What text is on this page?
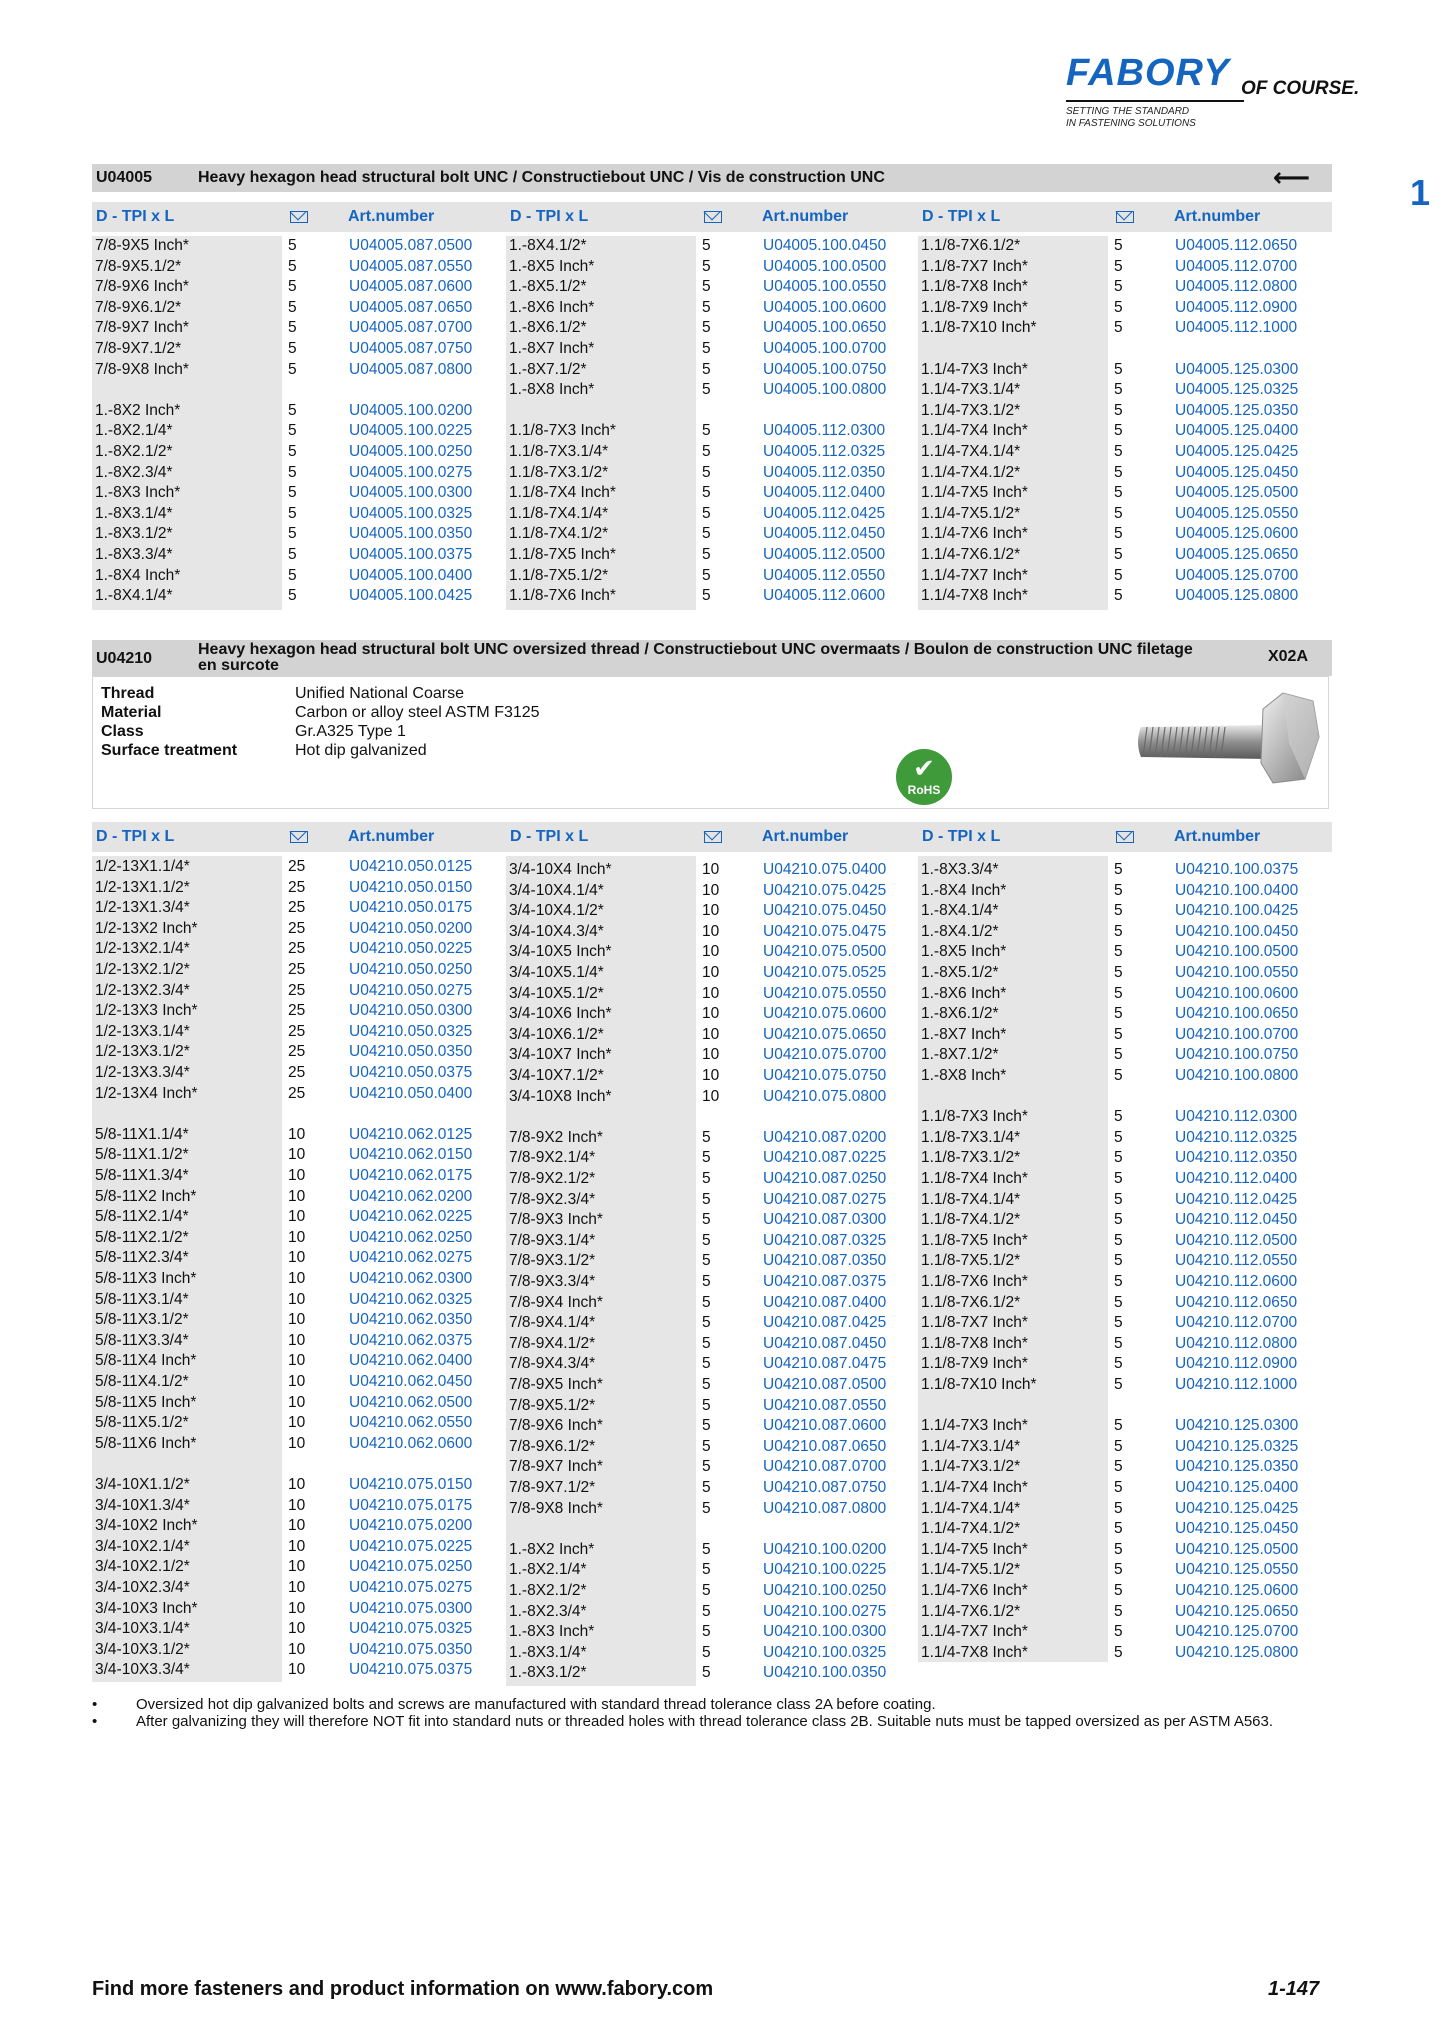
FABORY OF COURSE.
SETTING THE STANDARD
IN FASTENING SOLUTIONS
1
U04005	Heavy hexagon head structural bolt UNC / Constructiebout UNC / Vis de construction UNC	⟵
D - TPI x L	Art.number	D - TPI x L	Art.number	D - TPI x L	Art.number
7/8-9X5 Inch*	5	U04005.087.0500
7/8-9X5.1/2*	5	U04005.087.0550
7/8-9X6 Inch*	5	U04005.087.0600
7/8-9X6.1/2*	5	U04005.087.0650
7/8-9X7 Inch*	5	U04005.087.0700
7/8-9X7.1/2*	5	U04005.087.0750
7/8-9X8 Inch*	5	U04005.087.0800
1.-8X2 Inch*	5	U04005.100.0200
1.-8X2.1/4*	5	U04005.100.0225
1.-8X2.1/2*	5	U04005.100.0250
1.-8X2.3/4*	5	U04005.100.0275
1.-8X3 Inch*	5	U04005.100.0300
1.-8X3.1/4*	5	U04005.100.0325
1.-8X3.1/2*	5	U04005.100.0350
1.-8X3.3/4*	5	U04005.100.0375
1.-8X4 Inch*	5	U04005.100.0400
1.-8X4.1/4*	5	U04005.100.0425
1.-8X4.1/2*	5	U04005.100.0450
1.-8X5 Inch*	5	U04005.100.0500
1.-8X5.1/2*	5	U04005.100.0550
1.-8X6 Inch*	5	U04005.100.0600
1.-8X6.1/2*	5	U04005.100.0650
1.-8X7 Inch*	5	U04005.100.0700
1.-8X7.1/2*	5	U04005.100.0750
1.-8X8 Inch*	5	U04005.100.0800
1.1/8-7X3 Inch*	5	U04005.112.0300
1.1/8-7X3.1/4*	5	U04005.112.0325
1.1/8-7X3.1/2*	5	U04005.112.0350
1.1/8-7X4 Inch*	5	U04005.112.0400
1.1/8-7X4.1/4*	5	U04005.112.0425
1.1/8-7X4.1/2*	5	U04005.112.0450
1.1/8-7X5 Inch*	5	U04005.112.0500
1.1/8-7X5.1/2*	5	U04005.112.0550
1.1/8-7X6 Inch*	5	U04005.112.0600
1.1/8-7X6.1/2*	5	U04005.112.0650
1.1/8-7X7 Inch*	5	U04005.112.0700
1.1/8-7X8 Inch*	5	U04005.112.0800
1.1/8-7X9 Inch*	5	U04005.112.0900
1.1/8-7X10 Inch*	5	U04005.112.1000
1.1/4-7X3 Inch*	5	U04005.125.0300
1.1/4-7X3.1/4*	5	U04005.125.0325
1.1/4-7X3.1/2*	5	U04005.125.0350
1.1/4-7X4 Inch*	5	U04005.125.0400
1.1/4-7X4.1/4*	5	U04005.125.0425
1.1/4-7X4.1/2*	5	U04005.125.0450
1.1/4-7X5 Inch*	5	U04005.125.0500
1.1/4-7X5.1/2*	5	U04005.125.0550
1.1/4-7X6 Inch*	5	U04005.125.0600
1.1/4-7X6.1/2*	5	U04005.125.0650
1.1/4-7X7 Inch*	5	U04005.125.0700
1.1/4-7X8 Inch*	5	U04005.125.0800
U04210
Heavy hexagon head structural bolt UNC oversized thread / Constructiebout UNC overmaats / Boulon de construction UNC filetage
en surcote
X02A
Thread	Unified National Coarse
Material	Carbon or alloy steel ASTM F3125
Class	Gr.A325 Type 1
Surface treatment	Hot dip galvanized
✔
RoHS
D - TPI x L	Art.number	D - TPI x L	Art.number	D - TPI x L	Art.number
1/2-13X1.1/4*	25	U04210.050.0125
1/2-13X1.1/2*	25	U04210.050.0150
1/2-13X1.3/4*	25	U04210.050.0175
1/2-13X2 Inch*	25	U04210.050.0200
1/2-13X2.1/4*	25	U04210.050.0225
1/2-13X2.1/2*	25	U04210.050.0250
1/2-13X2.3/4*	25	U04210.050.0275
1/2-13X3 Inch*	25	U04210.050.0300
1/2-13X3.1/4*	25	U04210.050.0325
1/2-13X3.1/2*	25	U04210.050.0350
1/2-13X3.3/4*	25	U04210.050.0375
1/2-13X4 Inch*	25	U04210.050.0400
5/8-11X1.1/4*	10	U04210.062.0125
5/8-11X1.1/2*	10	U04210.062.0150
5/8-11X1.3/4*	10	U04210.062.0175
5/8-11X2 Inch*	10	U04210.062.0200
5/8-11X2.1/4*	10	U04210.062.0225
5/8-11X2.1/2*	10	U04210.062.0250
5/8-11X2.3/4*	10	U04210.062.0275
5/8-11X3 Inch*	10	U04210.062.0300
5/8-11X3.1/4*	10	U04210.062.0325
5/8-11X3.1/2*	10	U04210.062.0350
5/8-11X3.3/4*	10	U04210.062.0375
5/8-11X4 Inch*	10	U04210.062.0400
5/8-11X4.1/2*	10	U04210.062.0450
5/8-11X5 Inch*	10	U04210.062.0500
5/8-11X5.1/2*	10	U04210.062.0550
5/8-11X6 Inch*	10	U04210.062.0600
3/4-10X1.1/2*	10	U04210.075.0150
3/4-10X1.3/4*	10	U04210.075.0175
3/4-10X2 Inch*	10	U04210.075.0200
3/4-10X2.1/4*	10	U04210.075.0225
3/4-10X2.1/2*	10	U04210.075.0250
3/4-10X2.3/4*	10	U04210.075.0275
3/4-10X3 Inch*	10	U04210.075.0300
3/4-10X3.1/4*	10	U04210.075.0325
3/4-10X3.1/2*	10	U04210.075.0350
3/4-10X3.3/4*	10	U04210.075.0375
3/4-10X4 Inch*	10	U04210.075.0400
3/4-10X4.1/4*	10	U04210.075.0425
3/4-10X4.1/2*	10	U04210.075.0450
3/4-10X4.3/4*	10	U04210.075.0475
3/4-10X5 Inch*	10	U04210.075.0500
3/4-10X5.1/4*	10	U04210.075.0525
3/4-10X5.1/2*	10	U04210.075.0550
3/4-10X6 Inch*	10	U04210.075.0600
3/4-10X6.1/2*	10	U04210.075.0650
3/4-10X7 Inch*	10	U04210.075.0700
3/4-10X7.1/2*	10	U04210.075.0750
3/4-10X8 Inch*	10	U04210.075.0800
7/8-9X2 Inch*	5	U04210.087.0200
7/8-9X2.1/4*	5	U04210.087.0225
7/8-9X2.1/2*	5	U04210.087.0250
7/8-9X2.3/4*	5	U04210.087.0275
7/8-9X3 Inch*	5	U04210.087.0300
7/8-9X3.1/4*	5	U04210.087.0325
7/8-9X3.1/2*	5	U04210.087.0350
7/8-9X3.3/4*	5	U04210.087.0375
7/8-9X4 Inch*	5	U04210.087.0400
7/8-9X4.1/4*	5	U04210.087.0425
7/8-9X4.1/2*	5	U04210.087.0450
7/8-9X4.3/4*	5	U04210.087.0475
7/8-9X5 Inch*	5	U04210.087.0500
7/8-9X5.1/2*	5	U04210.087.0550
7/8-9X6 Inch*	5	U04210.087.0600
7/8-9X6.1/2*	5	U04210.087.0650
7/8-9X7 Inch*	5	U04210.087.0700
7/8-9X7.1/2*	5	U04210.087.0750
7/8-9X8 Inch*	5	U04210.087.0800
1.-8X2 Inch*	5	U04210.100.0200
1.-8X2.1/4*	5	U04210.100.0225
1.-8X2.1/2*	5	U04210.100.0250
1.-8X2.3/4*	5	U04210.100.0275
1.-8X3 Inch*	5	U04210.100.0300
1.-8X3.1/4*	5	U04210.100.0325
1.-8X3.1/2*	5	U04210.100.0350
1.-8X3.3/4*	5	U04210.100.0375
1.-8X4 Inch*	5	U04210.100.0400
1.-8X4.1/4*	5	U04210.100.0425
1.-8X4.1/2*	5	U04210.100.0450
1.-8X5 Inch*	5	U04210.100.0500
1.-8X5.1/2*	5	U04210.100.0550
1.-8X6 Inch*	5	U04210.100.0600
1.-8X6.1/2*	5	U04210.100.0650
1.-8X7 Inch*	5	U04210.100.0700
1.-8X7.1/2*	5	U04210.100.0750
1.-8X8 Inch*	5	U04210.100.0800
1.1/8-7X3 Inch*	5	U04210.112.0300
1.1/8-7X3.1/4*	5	U04210.112.0325
1.1/8-7X3.1/2*	5	U04210.112.0350
1.1/8-7X4 Inch*	5	U04210.112.0400
1.1/8-7X4.1/4*	5	U04210.112.0425
1.1/8-7X4.1/2*	5	U04210.112.0450
1.1/8-7X5 Inch*	5	U04210.112.0500
1.1/8-7X5.1/2*	5	U04210.112.0550
1.1/8-7X6 Inch*	5	U04210.112.0600
1.1/8-7X6.1/2*	5	U04210.112.0650
1.1/8-7X7 Inch*	5	U04210.112.0700
1.1/8-7X8 Inch*	5	U04210.112.0800
1.1/8-7X9 Inch*	5	U04210.112.0900
1.1/8-7X10 Inch*	5	U04210.112.1000
1.1/4-7X3 Inch*	5	U04210.125.0300
1.1/4-7X3.1/4*	5	U04210.125.0325
1.1/4-7X3.1/2*	5	U04210.125.0350
1.1/4-7X4 Inch*	5	U04210.125.0400
1.1/4-7X4.1/4*	5	U04210.125.0425
1.1/4-7X4.1/2*	5	U04210.125.0450
1.1/4-7X5 Inch*	5	U04210.125.0500
1.1/4-7X5.1/2*	5	U04210.125.0550
1.1/4-7X6 Inch*	5	U04210.125.0600
1.1/4-7X6.1/2*	5	U04210.125.0650
1.1/4-7X7 Inch*	5	U04210.125.0700
1.1/4-7X8 Inch*	5	U04210.125.0800
•	Oversized hot dip galvanized bolts and screws are manufactured with standard thread tolerance class 2A before coating.
•	After galvanizing they will therefore NOT fit into standard nuts or threaded holes with thread tolerance class 2B. Suitable nuts must be tapped oversized as per ASTM A563.
Find more fasteners and product information on www.fabory.com	1-147
